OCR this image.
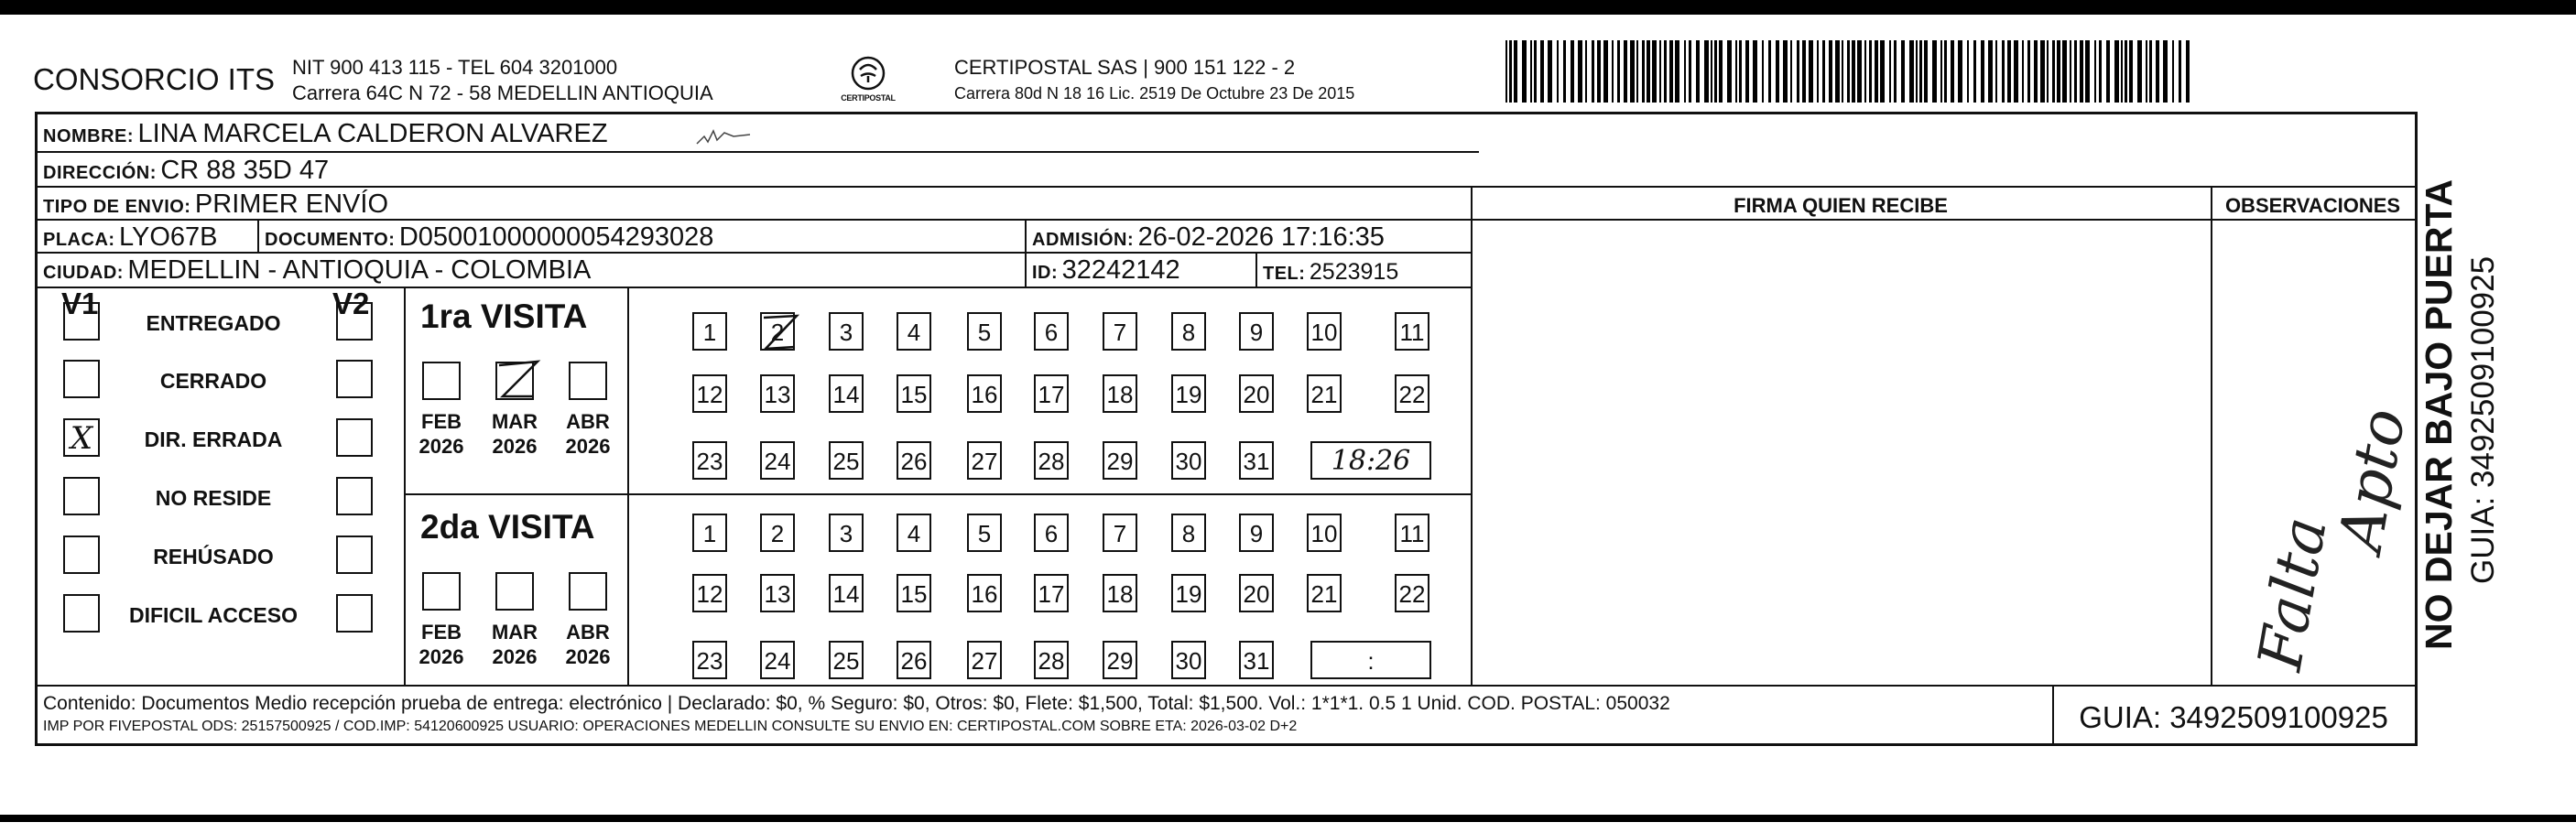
CONSORCIO ITS NIT 900 413 115 - TEL 604 3201000
Carrera 64C N 72 - 58 MEDELLIN ANTIOQUIA	CERTIPOSTAL
CERTIPOSTAL SAS | 900 151 122 - 2
Carrera 80d N 18 16 Lic. 2519 De Octubre 23 De 2015
NO DEJAR BAJO PUERTA GUIA: 3492509100925
NOMBRE: LINA MARCELA CALDERON ALVAREZ
DIRECCIÓN: CR 88 35D 47
TIPO DE ENVIO: PRIMER ENVÍO	FIRMA QUIEN RECIBE	OBSERVACIONES
PLACA: LYO67B	DOCUMENTO: D05001000000054293028	ADMISIÓN: 26-02-2026 17:16:35
CIUDAD: MEDELLIN - ANTIOQUIA - COLOMBIA	ID: 32242142	TEL: 2523915
V1	V2
Falta
Apto
Contenido: Documentos Medio recepción prueba de entrega: electrónico | Declarado: $0, % Seguro: $0, Otros: $0, Flete: $1,500, Total: $1,500. Vol.: 1*1*1. 0.5 1 Unid. COD. POSTAL: 050032
IMP POR FIVEPOSTAL ODS: 25157500925 / COD.IMP: 54120600925 USUARIO: OPERACIONES MEDELLIN CONSULTE SU ENVIO EN: CERTIPOSTAL.COM SOBRE ETA: 2026-03-02 D+2	GUIA: 3492509100925
ENTREGADO
CERRADO
X	DIR. ERRADA
NO RESIDE
REHÚSADO
DIFICIL ACCESO
1ra VISITA
FEB
2026
MAR
2026
ABR
2026
1	2	3	4	5	6	7	8	9	10	11
12 13 14 15 16 17 18 19 20 21	22
23 24 25 26 27 28 29 30 31	18:26
2da VISITA
FEB
2026
MAR
2026
ABR
2026
1	2	3	4	5	6	7	8	9	10	11
12 13 14 15 16 17 18 19 20 21	22
23 24 25 26 27 28 29 30 31	:
